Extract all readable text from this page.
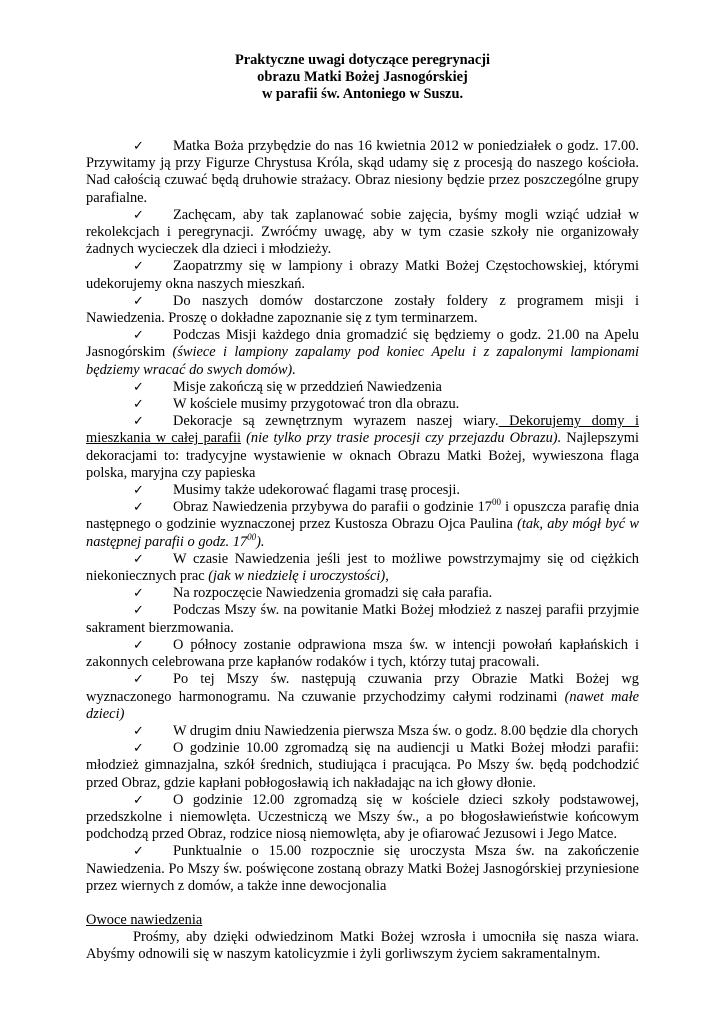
Praktyczne uwagi dotyczące peregrynacji
obrazu Matki Bożej Jasnogórskiej
w parafii św. Antoniego w Suszu.

✓ Matka Boża przybędzie do nas 16 kwietnia 2012 w poniedziałek o godz. 17.00. Przywitamy ją przy Figurze Chrystusa Króla, skąd udamy się z procesją do naszego kościoła. Nad całością czuwać będą druhowie strażacy. Obraz niesiony będzie przez poszczególne grupy parafialne.

✓ Zachęcam, aby tak zaplanować sobie zajęcia, byśmy mogli wziąć udział w rekolekcjach i peregrynacji. Zwróćmy uwagę, aby w tym czasie szkoły nie organizowały żadnych wycieczek dla dzieci i młodzieży.

✓ Zaopatrzmy się w lampiony i obrazy Matki Bożej Częstochowskiej, którymi udekorujemy okna naszych mieszkań.

✓ Do naszych domów dostarczone zostały foldery z programem misji i Nawiedzenia. Proszę o dokładne zapoznanie się z tym terminarzem.

✓ Podczas Misji każdego dnia gromadzić się będziemy o godz. 21.00 na Apelu Jasnogórskim (świece i lampiony zapalamy pod koniec Apelu i z zapalonymi lampionami będziemy wracać do swych domów).

✓ Misje zakończą się w przeddzień Nawiedzenia

✓ W kościele musimy przygotować tron dla obrazu.

✓ Dekoracje są zewnętrznym wyrazem naszej wiary. Dekorujemy domy i mieszkania w całej parafii (nie tylko przy trasie procesji czy przejazdu Obrazu). Najlepszymi dekoracjami to: tradycyjne wystawienie w oknach Obrazu Matki Bożej, wywieszona flaga polska, maryjna czy papieska

✓ Musimy także udekorować flagami trasę procesji.

✓ Obraz Nawiedzenia przybywa do parafii o godzinie $17^{00}$ i opuszcza parafię dnia następnego o godzinie wyznaczonej przez Kustosza Obrazu Ojca Paulina (tak, aby mógł być w następnej parafii o godz. $17^{00}$).

✓ W czasie Nawiedzenia jeśli jest to możliwe powstrzymajmy się od ciężkich niekoniecznych prac (jak w niedzielę i uroczystości),

✓ Na rozpoczęcie Nawiedzenia gromadzi się cała parafia.

✓ Podczas Mszy św. na powitanie Matki Bożej młodzież z naszej parafii przyjmie sakrament bierzmowania.

✓ O północy zostanie odprawiona msza św. w intencji powołań kapłańskich i zakonnych celebrowana prze kapłanów rodaków i tych, którzy tutaj pracowali.

✓ Po tej Mszy św. następują czuwania przy Obrazie Matki Bożej wg wyznaczonego harmonogramu. Na czuwanie przychodzimy całymi rodzinami (nawet małe dzieci)

✓ W drugim dniu Nawiedzenia pierwsza Msza św. o godz. 8.00 będzie dla chorych

✓ O godzinie 10.00 zgromadzą się na audiencji u Matki Bożej młodzi parafii: młodzież gimnazjalna, szkół średnich, studiująca i pracująca. Po Mszy św. będą podchodzić przed Obraz, gdzie kapłani pobłogosławią ich nakładając na ich głowy dłonie.

✓ O godzinie 12.00 zgromadzą się w kościele dzieci szkoły podstawowej, przedszkolne i niemowlęta. Uczestniczą we Mszy św., a po błogosławieństwie końcowym podchodzą przed Obraz, rodzice niosą niemowlęta, aby je ofiarować Jezusowi i Jego Matce.

✓ Punktualnie o 15.00 rozpocznie się uroczysta Msza św. na zakończenie Nawiedzenia. Po Mszy św. poświęcone zostaną obrazy Matki Bożej Jasnogórskiej przyniesione przez wiernych z domów, a także inne dewocjonalia

Owoce nawiedzenia

Prośmy, aby dzięki odwiedzinom Matki Bożej wzrosła i umocniła się nasza wiara. Abyśmy odnowili się w naszym katolicyzmie i żyli gorliwszym życiem sakramentalnym.
